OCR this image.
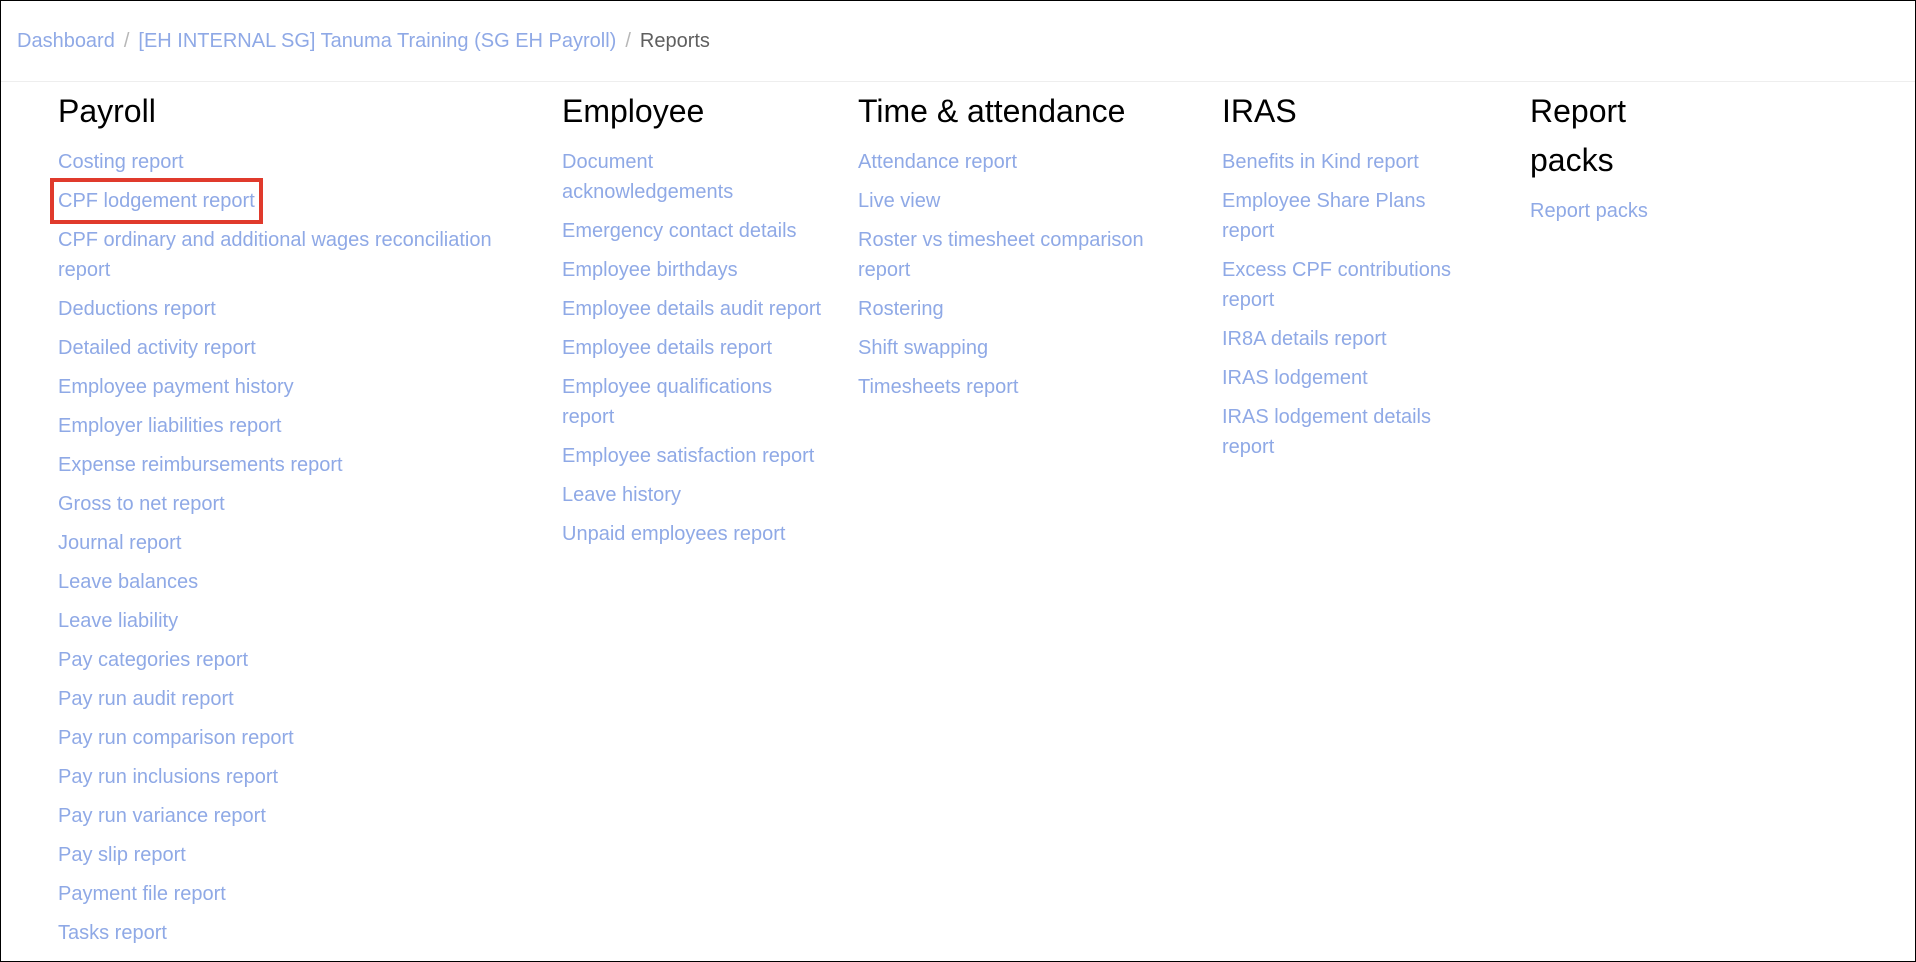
Dashboard / [EH INTERNAL SG] Tanuma Training (SG EH Payroll) / Reports
Payroll
Costing report
CPF lodgement report
CPF ordinary and additional wages reconciliation report
Deductions report
Detailed activity report
Employee payment history
Employer liabilities report
Expense reimbursements report
Gross to net report
Journal report
Leave balances
Leave liability
Pay categories report
Pay run audit report
Pay run comparison report
Pay run inclusions report
Pay run variance report
Pay slip report
Payment file report
Tasks report
Employee
Document acknowledgements
Emergency contact details
Employee birthdays
Employee details audit report
Employee details report
Employee qualifications report
Employee satisfaction report
Leave history
Unpaid employees report
Time & attendance
Attendance report
Live view
Roster vs timesheet comparison report
Rostering
Shift swapping
Timesheets report
IRAS
Benefits in Kind report
Employee Share Plans report
Excess CPF contributions report
IR8A details report
IRAS lodgement
IRAS lodgement details report
Report packs
Report packs
